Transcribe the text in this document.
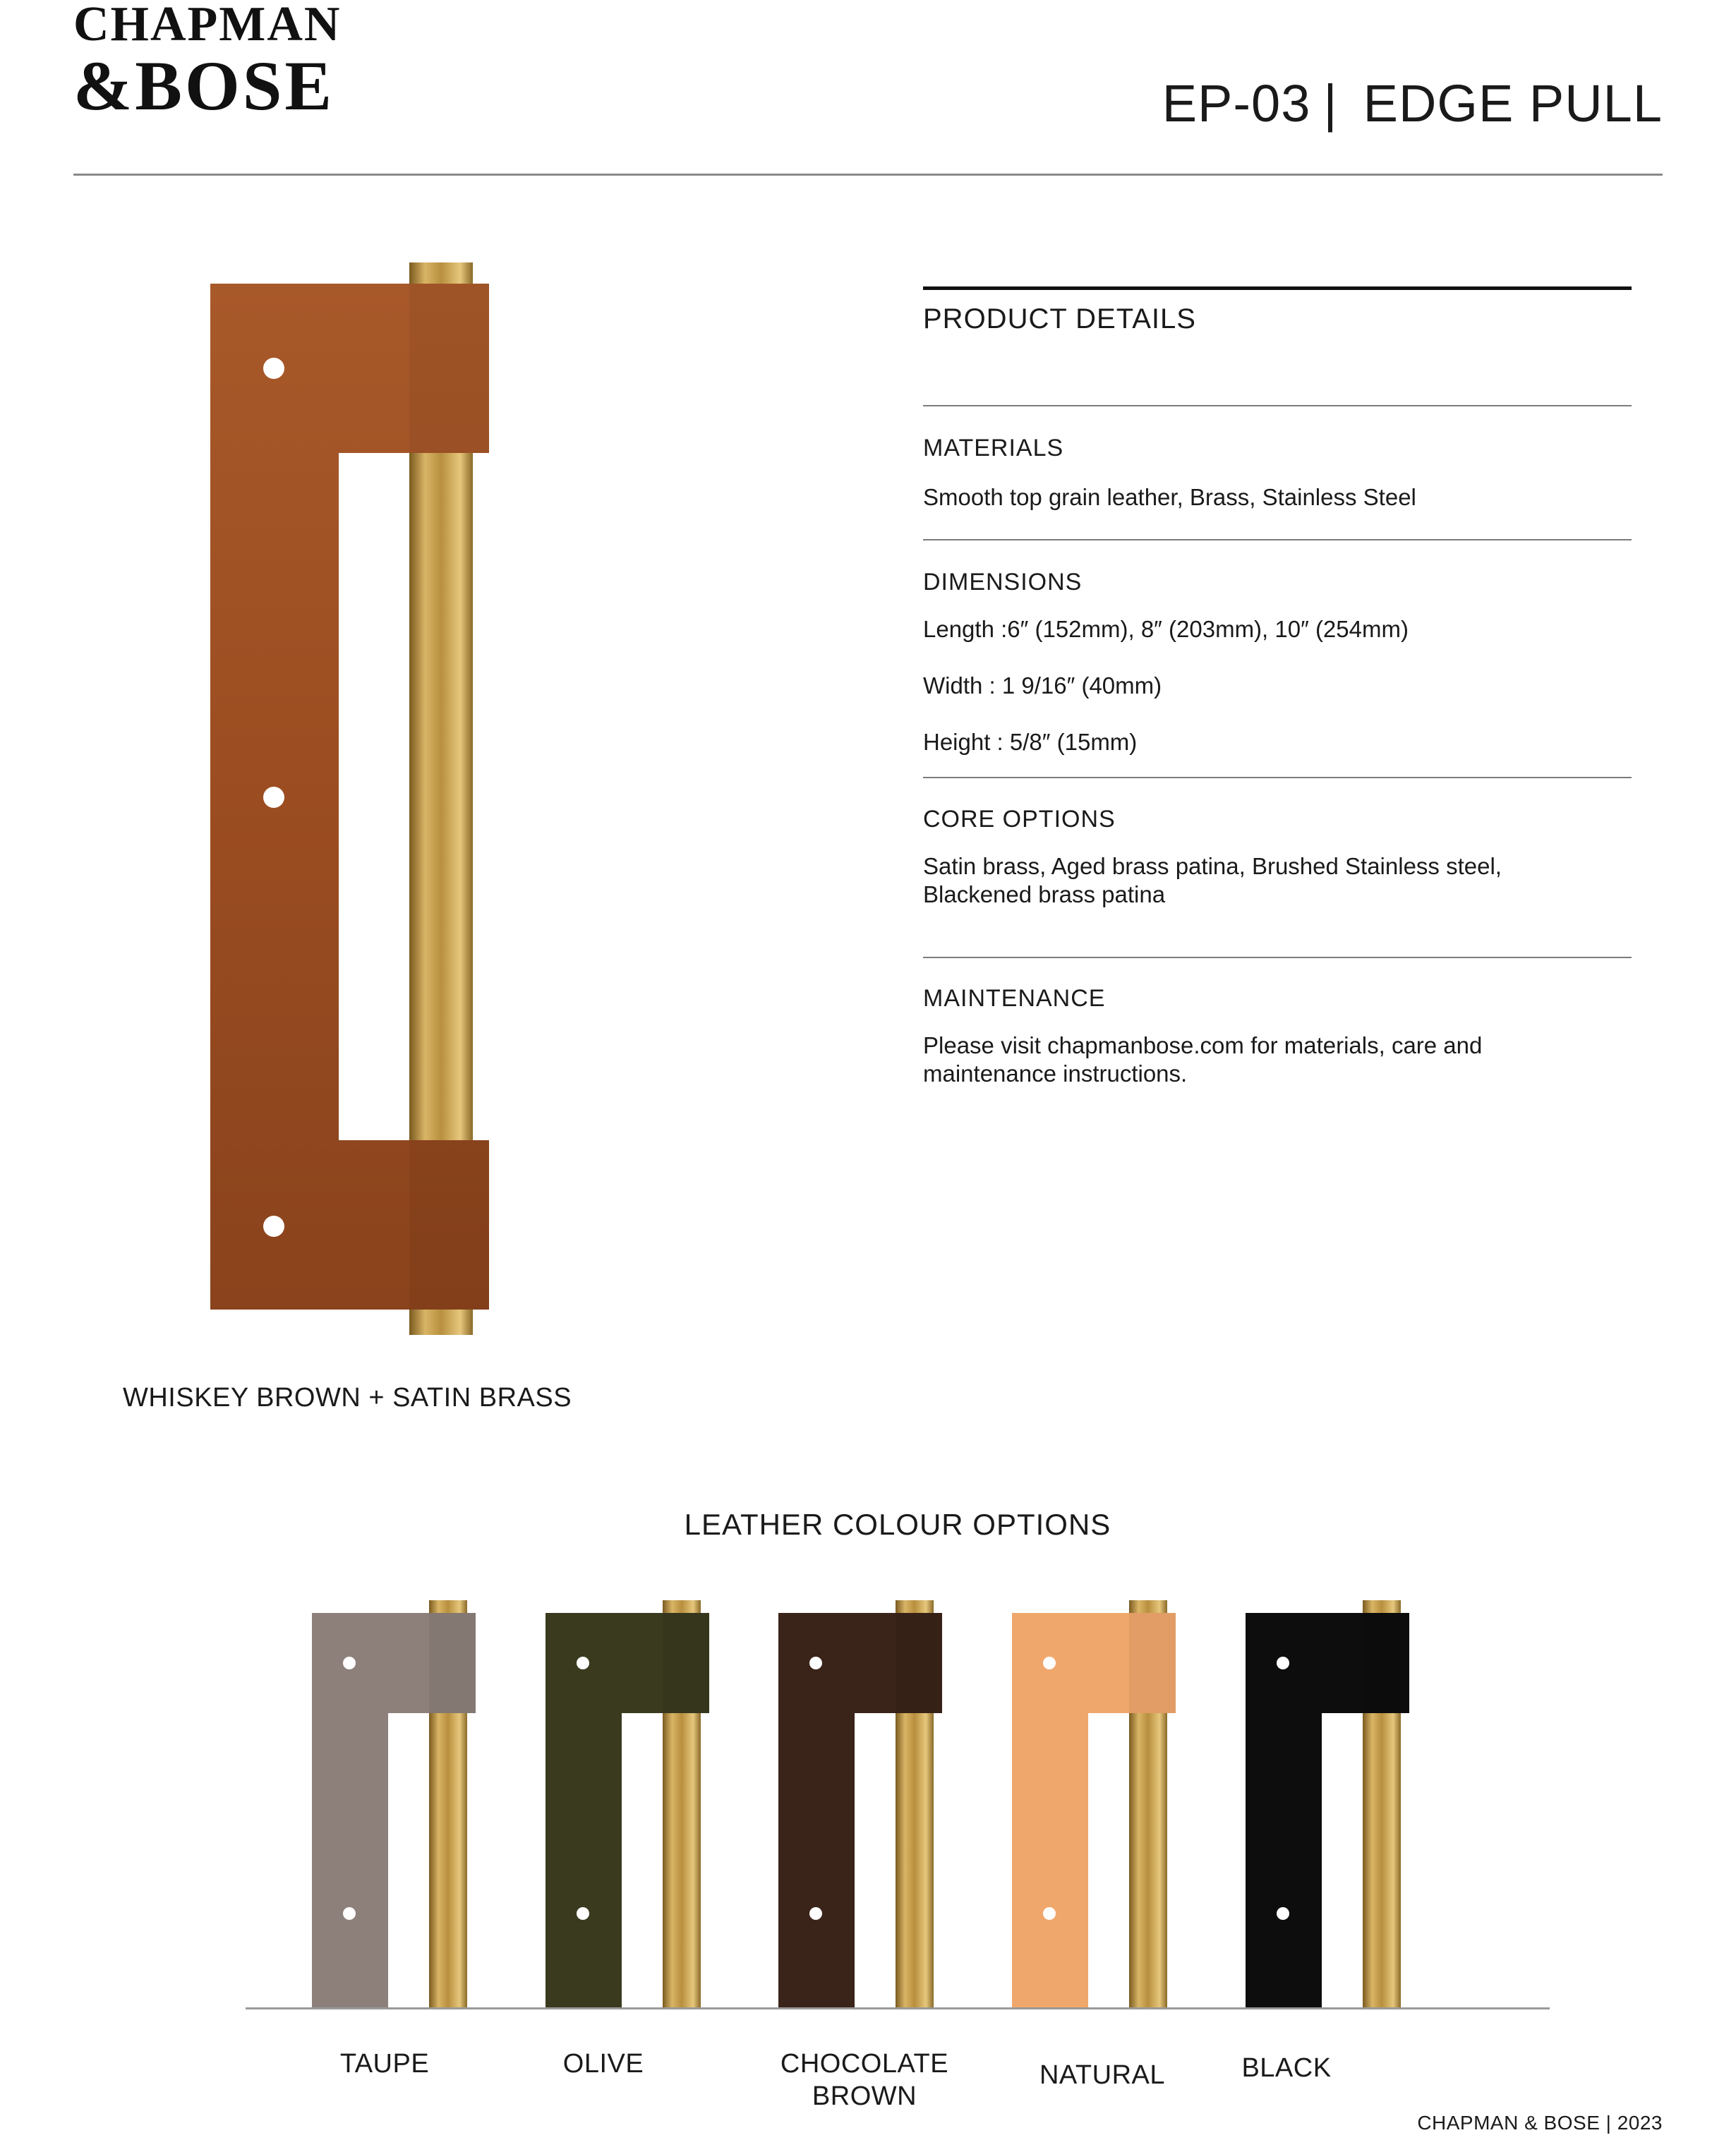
CHAPMAN
&BOSE	EP-03 | EDGE PULL
WHISKEY BROWN + SATIN BRASS
PRODUCT DETAILS
MATERIALS
Smooth top grain leather, Brass, Stainless Steel
DIMENSIONS
Length :6″ (152mm), 8″ (203mm), 10″ (254mm)
Width : 1 9/16″ (40mm)
Height : 5/8″ (15mm)
CORE OPTIONS
Satin brass, Aged brass patina, Brushed Stainless steel, Blackened brass patina
MAINTENANCE
Please visit chapmanbose.com for materials, care and maintenance instructions.
LEATHER COLOUR OPTIONS
TAUPE	OLIVE	CHOCOLATE
BROWN
NATURAL	BLACK
CHAPMAN & BOSE | 2023
